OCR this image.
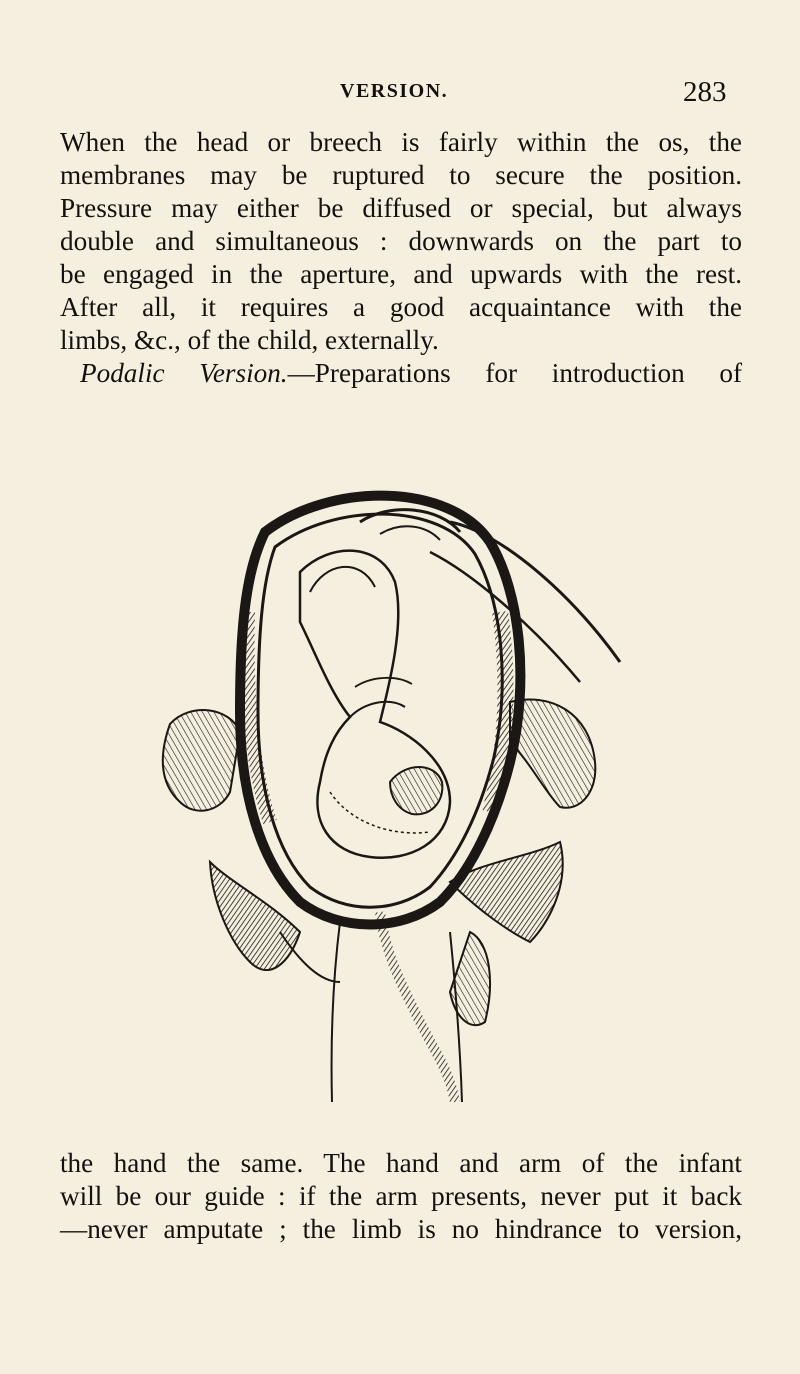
VERSION.	283
When the head or breech is fairly within the os, the
membranes may be ruptured to secure the position.
Pressure may either be diffused or special, but always
double and simultaneous : downwards on the part to
be engaged in the aperture, and upwards with the rest.
After all, it requires a good acquaintance with the
limbs, &c., of the child, externally.
Podalic Version.—Preparations for introduction of
the hand the same. The hand and arm of the infant
will be our guide : if the arm presents, never put it back
—never amputate ; the limb is no hindrance to version,
